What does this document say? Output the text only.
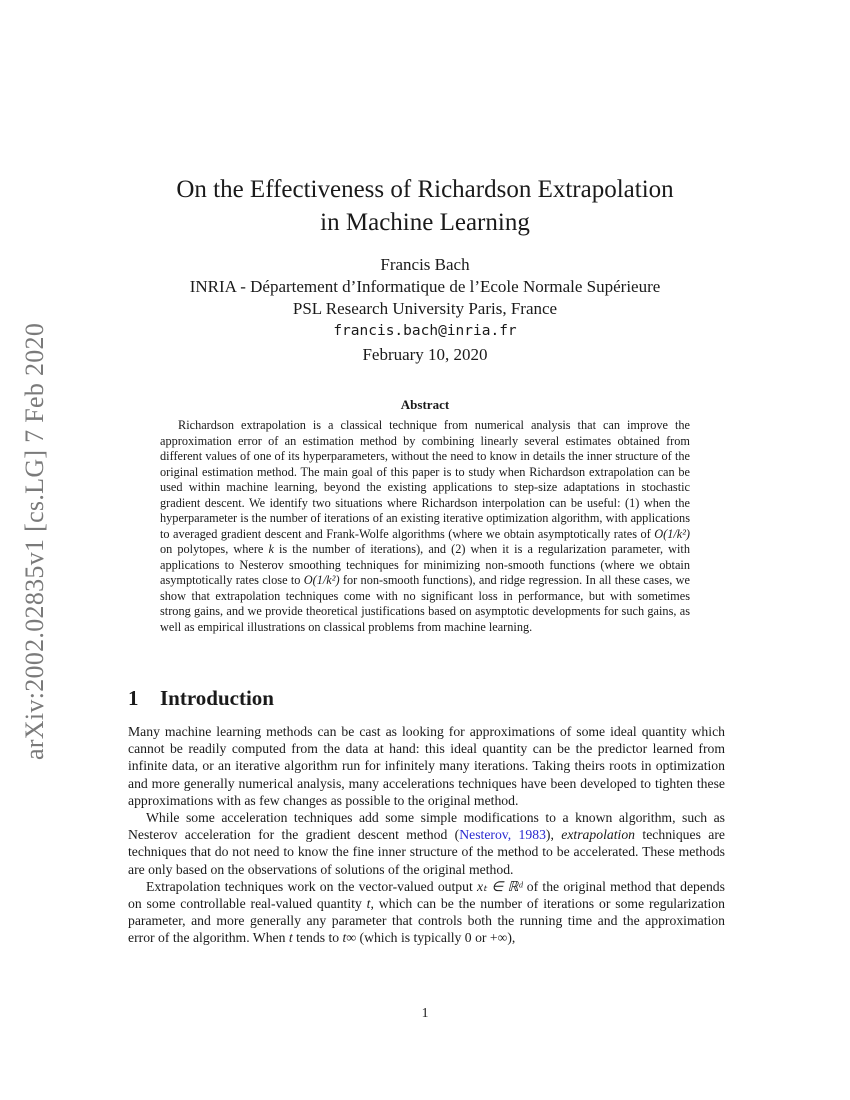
arXiv:2002.02835v1 [cs.LG] 7 Feb 2020
On the Effectiveness of Richardson Extrapolation
in Machine Learning
Francis Bach
INRIA - Département d’Informatique de l’Ecole Normale Supérieure
PSL Research University Paris, France
francis.bach@inria.fr
February 10, 2020
Abstract

Richardson extrapolation is a classical technique from numerical analysis that can improve the approximation error of an estimation method by combining linearly several estimates obtained from different values of one of its hyperparameters, without the need to know in details the inner structure of the original estimation method. The main goal of this paper is to study when Richardson extrapolation can be used within machine learning, beyond the existing applications to step-size adaptations in stochastic gradient descent. We identify two situations where Richardson interpolation can be useful: (1) when the hyperparameter is the number of iterations of an existing iterative optimization algorithm, with applications to averaged gradient descent and Frank-Wolfe algorithms (where we obtain asymptotically rates of O(1/k²) on polytopes, where k is the number of iterations), and (2) when it is a regularization parameter, with applications to Nesterov smoothing techniques for minimizing non-smooth functions (where we obtain asymptotically rates close to O(1/k²) for non-smooth functions), and ridge regression. In all these cases, we show that extrapolation techniques come with no significant loss in performance, but with sometimes strong gains, and we provide theoretical justifications based on asymptotic developments for such gains, as well as empirical illustrations on classical problems from machine learning.

1 Introduction

Many machine learning methods can be cast as looking for approximations of some ideal quantity which cannot be readily computed from the data at hand: this ideal quantity can be the predictor learned from infinite data, or an iterative algorithm run for infinitely many iterations. Taking theirs roots in optimization and more generally numerical analysis, many accelerations techniques have been developed to tighten these approximations with as few changes as possible to the original method.

While some acceleration techniques add some simple modifications to a known algorithm, such as Nesterov acceleration for the gradient descent method (Nesterov, 1983), extrapolation techniques are techniques that do not need to know the fine inner structure of the method to be accelerated. These methods are only based on the observations of solutions of the original method.

Extrapolation techniques work on the vector-valued output xₜ ∈ ℝᵈ of the original method that depends on some controllable real-valued quantity t, which can be the number of iterations or some regularization parameter, and more generally any parameter that controls both the running time and the approximation error of the algorithm. When t tends to t∞ (which is typically 0 or +∞),

1
